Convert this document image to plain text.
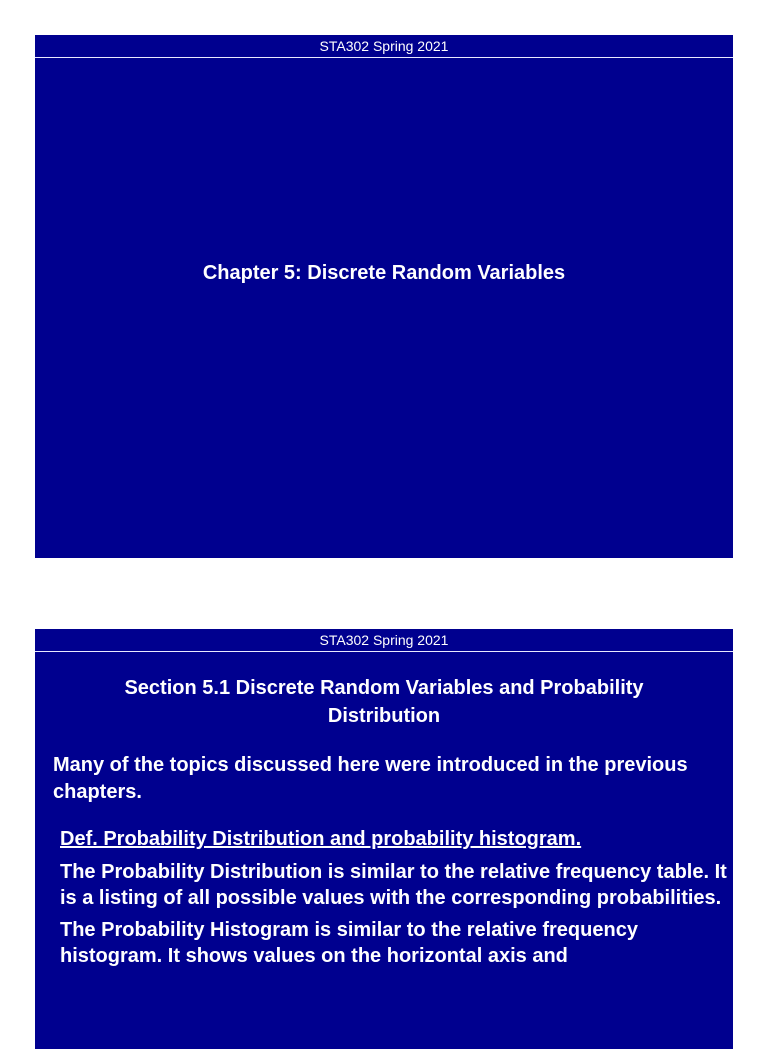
STA302 Spring 2021
Chapter 5: Discrete Random Variables
STA302 Spring 2021
Section 5.1 Discrete Random Variables and Probability Distribution
Many of the topics discussed here were introduced in the previous chapters.
Def. Probability Distribution and probability histogram.
The Probability Distribution is similar to the relative frequency table. It is a listing of all possible values with the corresponding probabilities.
The Probability Histogram is similar to the relative frequency histogram. It shows values on the horizontal axis and
